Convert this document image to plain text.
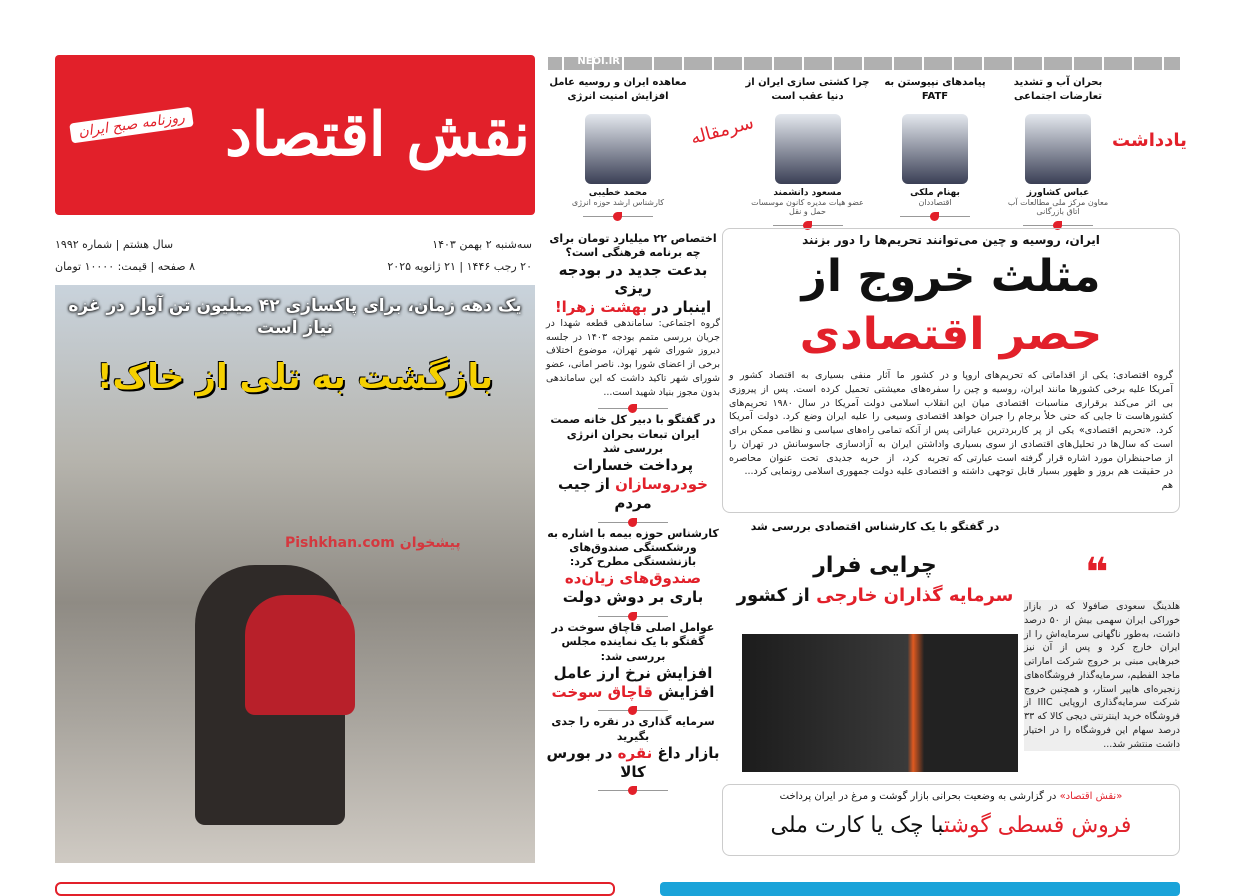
نقش اقتصاد
روزنامه صبح ایران
سه‌شنبه ۲ بهمن ۱۴۰۳
۲۰ رجب ۱۴۴۶ | ۲۱ ژانویه ۲۰۲۵
سال هشتم | شماره ۱۹۹۲
۸ صفحه | قیمت: ۱۰۰۰۰ تومان
یک دهه زمان، برای پاکسازی ۴۲ میلیون تن آوار در غزه نیاز است
بازگشت به تلی از خاک!
پیشخوان Pishkhan.com
NEOI.IR
سرمقاله
معاهده ایران و روسیه عامل افزایش امنیت انرژی
محمد خطیبی
کارشناس ارشد حوزه انرژی
یادداشت
بحران آب و تشدید تعارضات اجتماعی
عباس کشاورز
معاون مرکز ملی مطالعات آب اتاق بازرگانی
پیامدهای نپیوستن به FATF
بهنام ملکی
اقتصاددان
چرا کشتی سازی ایران از دنیا عقب است
مسعود دانشمند
عضو هیات مدیره کانون موسسات حمل و نقل
ایران، روسیه و چین می‌توانند تحریم‌ها را دور بزنند
مثلث خروج از
حصر اقتصادی
گروه اقتصادی: یکی از اقداماتی که تحریم‌های اروپا و آمریکا علیه برخی کشورها مانند ایران، روسیه و چین را بی اثر می‌کند برقراری مناسبات اقتصادی میان این کشورهاست تا جایی که حتی خلأ برجام را جبران خواهد کرد. «تحریم اقتصادی» یکی از پر کاربردترین عباراتی است که سال‌ها در تحلیل‌های اقتصادی از سوی بسیاری از صاحبنظران مورد اشاره قرار گرفته است عبارتی که در حقیقت هم بروز و ظهور بسیار قابل توجهی داشته و هم
در کشور ما آثار منفی بسیاری به اقتصاد کشور و سفره‌های معیشتی تحمیل کرده است. پس از پیروزی انقلاب اسلامی دولت آمریکا در سال ۱۹۸۰ تحریم‌های اقتصادی وسیعی را علیه ایران وضع کرد. دولت آمریکا پس از آنکه تمامی راه‌های سیاسی و نظامی ممکن برای واداشتن ایران به آزادسازی جاسوسانش در تهران را تجربه کرد، از حربه جدیدی تحت عنوان محاصره اقتصادی علیه دولت جمهوری اسلامی رونمایی کرد...
در گفتگو با یک کارشناس اقتصادی بررسی شد
چرایی فرار
سرمایه گذاران خارجی از کشور	❝
هلدینگ سعودی صافولا که در بازار خوراکی ایران سهمی بیش از ۵۰ درصد داشت، به‌طور ناگهانی سرمایه‌اش را از ایران خارج کرد و پس از آن نیز خبرهایی مبنی بر خروج شرکت اماراتی ماجد الفطیم، سرمایه‌گذار فروشگاه‌های زنجیره‌ای هایپر استار، و همچنین خروج شرکت سرمایه‌گذاری اروپایی IIIC از فروشگاه خرید اینترنتی دیجی کالا که ۳۳ درصد سهام این فروشگاه را در اختیار داشت منتشر شد...
«نقش اقتصاد» در گزارشی به وضعیت بحرانی بازار گوشت و مرغ در ایران پرداخت
فروش قسطی گوشتبا چک یا کارت ملی
اختصاص ۲۲ میلیارد تومان برای چه برنامه فرهنگی است؟
بدعت جدید در بودجه ریزی
اینبار در بهشت زهرا!
گروه اجتماعی: ساماندهی قطعه شهدا در جریان بررسی متمم بودجه ۱۴۰۳ در جلسه دیروز شورای شهر تهران، موضوع اختلاف برخی از اعضای شورا بود. ناصر امانی، عضو شورای شهر تاکید داشت که این ساماندهی بدون مجوز بنیاد شهید است...
در گفتگو با دبیر کل خانه صمت ایران تبعات بحران انرژی بررسی شد
پرداخت خسارات
خودروسازان از جیب مردم
کارشناس حوزه بیمه با اشاره به ورشکستگی صندوق‌های بازنشستگی مطرح کرد:
صندوق‌های زیان‌ده
باری بر دوش دولت
عوامل اصلی قاچاق سوخت در گفتگو با یک نماینده مجلس بررسی شد:
افزایش نرخ ارز عامل
افزایش قاچاق سوخت
سرمایه گذاری در نقره را جدی بگیرید
بازار داغ نقره در بورس کالا
